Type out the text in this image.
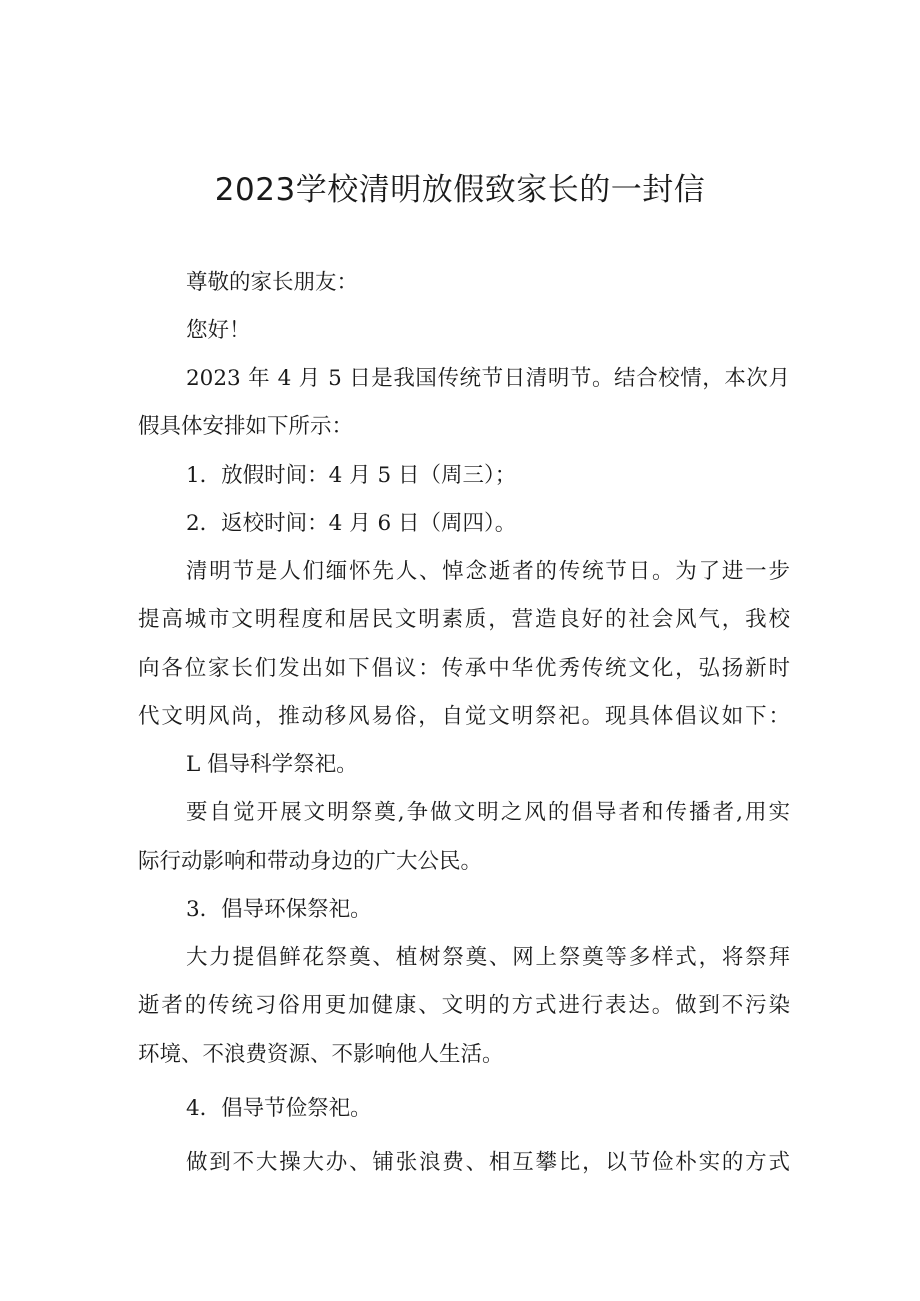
2023学校清明放假致家长的一封信
尊敬的家长朋友：
您好！
2023 年 4 月 5 日是我国传统节日清明节。结合校情，本次月
假具体安排如下所示：
1．放假时间：4 月 5 日（周三）；
2．返校时间：4 月 6 日（周四）。
清明节是人们缅怀先人、悼念逝者的传统节日。为了进一步
提高城市文明程度和居民文明素质，营造良好的社会风气，我校
向各位家长们发出如下倡议：传承中华优秀传统文化，弘扬新时
代文明风尚，推动移风易俗，自觉文明祭祀。现具体倡议如下：
L 倡导科学祭祀。
要自觉开展文明祭奠,争做文明之风的倡导者和传播者,用实
际行动影响和带动身边的广大公民。
3．倡导环保祭祀。
大力提倡鲜花祭奠、植树祭奠、网上祭奠等多样式，将祭拜
逝者的传统习俗用更加健康、文明的方式进行表达。做到不污染
环境、不浪费资源、不影响他人生活。
4．倡导节俭祭祀。
做到不大操大办、铺张浪费、相互攀比，以节俭朴实的方式
